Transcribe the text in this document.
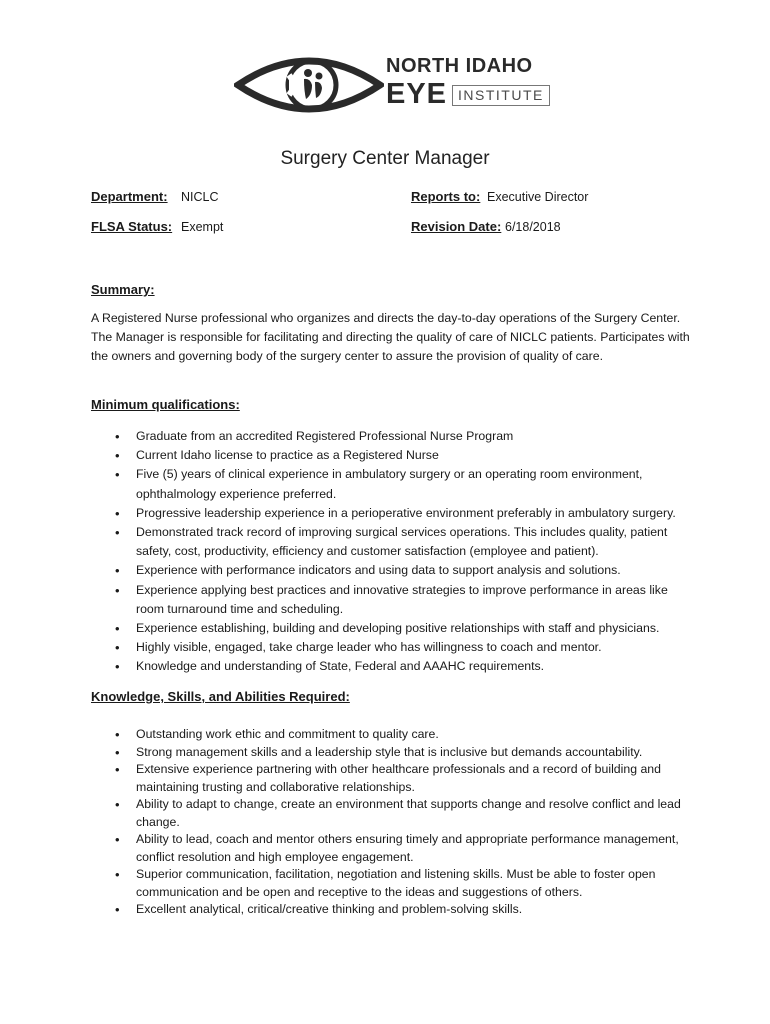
NORTH IDAHO
EYE INSTITUTE
Surgery Center Manager
Department: NICLC	Reports to: Executive Director
FLSA Status: Exempt	Revision Date: 6/18/2018
Summary:

A Registered Nurse professional who organizes and directs the day-to-day operations of the Surgery Center. The Manager is responsible for facilitating and directing the quality of care of NICLC patients. Participates with the owners and governing body of the surgery center to assure the provision of quality of care.

Minimum qualifications:
• Graduate from an accredited Registered Professional Nurse Program
• Current Idaho license to practice as a Registered Nurse
• Five (5) years of clinical experience in ambulatory surgery or an operating room environment, ophthalmology experience preferred.
• Progressive leadership experience in a perioperative environment preferably in ambulatory surgery.
• Demonstrated track record of improving surgical services operations. This includes quality, patient safety, cost, productivity, efficiency and customer satisfaction (employee and patient).
• Experience with performance indicators and using data to support analysis and solutions.
• Experience applying best practices and innovative strategies to improve performance in areas like room turnaround time and scheduling.
• Experience establishing, building and developing positive relationships with staff and physicians.
• Highly visible, engaged, take charge leader who has willingness to coach and mentor.
• Knowledge and understanding of State, Federal and AAAHC requirements.
Knowledge, Skills, and Abilities Required:
• Outstanding work ethic and commitment to quality care.
• Strong management skills and a leadership style that is inclusive but demands accountability.
• Extensive experience partnering with other healthcare professionals and a record of building and maintaining trusting and collaborative relationships.
• Ability to adapt to change, create an environment that supports change and resolve conflict and lead change.
• Ability to lead, coach and mentor others ensuring timely and appropriate performance management, conflict resolution and high employee engagement.
• Superior communication, facilitation, negotiation and listening skills. Must be able to foster open communication and be open and receptive to the ideas and suggestions of others.
• Excellent analytical, critical/creative thinking and problem-solving skills.
